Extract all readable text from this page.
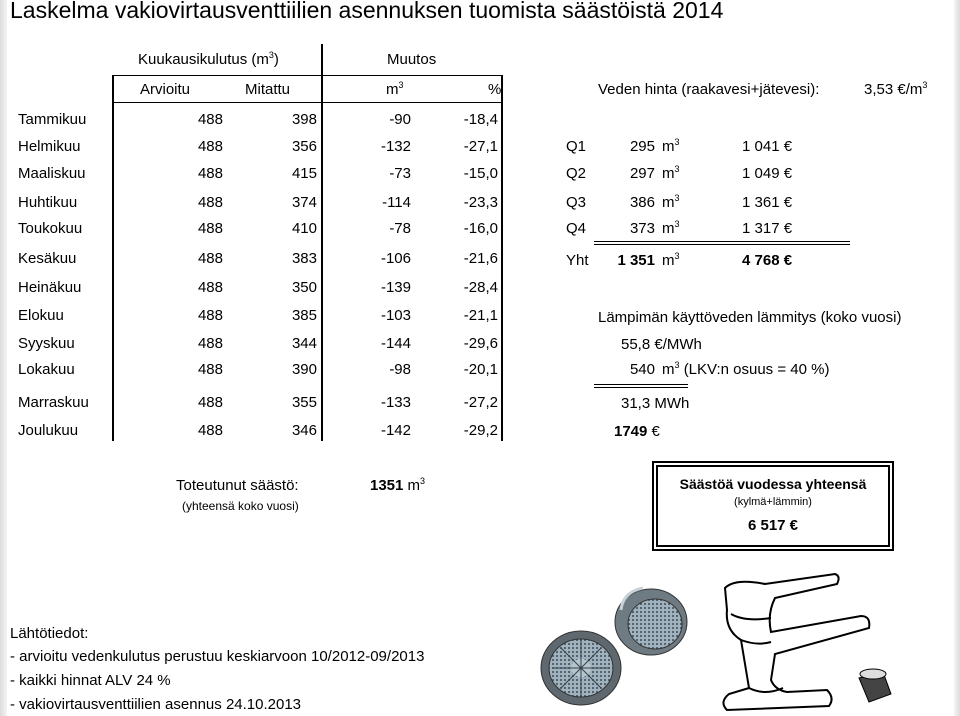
Laskelma vakiovirtausventtiilien asennuksen tuomista säästöistä 2014
Kuukausikulutus $(m^3)$	Muutos
Arvioitu	Mitattu	$m^3$	%
Tammikuu	488	398	-90	-18,4
Helmikuu	488	356	-132	-27,1
Maaliskuu	488	415	-73	-15,0
Huhtikuu	488	374	-114	-23,3
Toukokuu	488	410	-78	-16,0
Kesäkuu	488	383	-106	-21,6
Heinäkuu	488	350	-139	-28,4
Elokuu	488	385	-103	-21,1
Syyskuu	488	344	-144	-29,6
Lokakuu	488	390	-98	-20,1
Marraskuu	488	355	-133	-27,2
Joulukuu	488	346	-142	-29,2
Veden hinta (raakavesi+jätevesi):	3,53 $€/m^3$
Q1	295 $m^3$	1 041 €
Q2	297 $m^3$	1 049 €
Q3	386 $m^3$	1 361 €
Q4	373 $m^3$	1 317 €
Yht	1 351 $m^3$	4 768 €
Lämpimän käyttöveden lämmitys (koko vuosi)
55,8 €/MWh
540 $m^3$ (LKV:n osuus = 40 %)
31,3 MWh
1749 €
Toteutunut säästö:
(yhteensä koko vuosi)
1351 $m^3$	Säästöä vuodessa yhteensä
(kylmä+lämmin)
6 517 €
Lähtötiedot:
- arvioitu vedenkulutus perustuu keskiarvoon 10/2012-09/2013
- kaikki hinnat ALV 24 %
- vakiovirtausventtiilien asennus 24.10.2013
